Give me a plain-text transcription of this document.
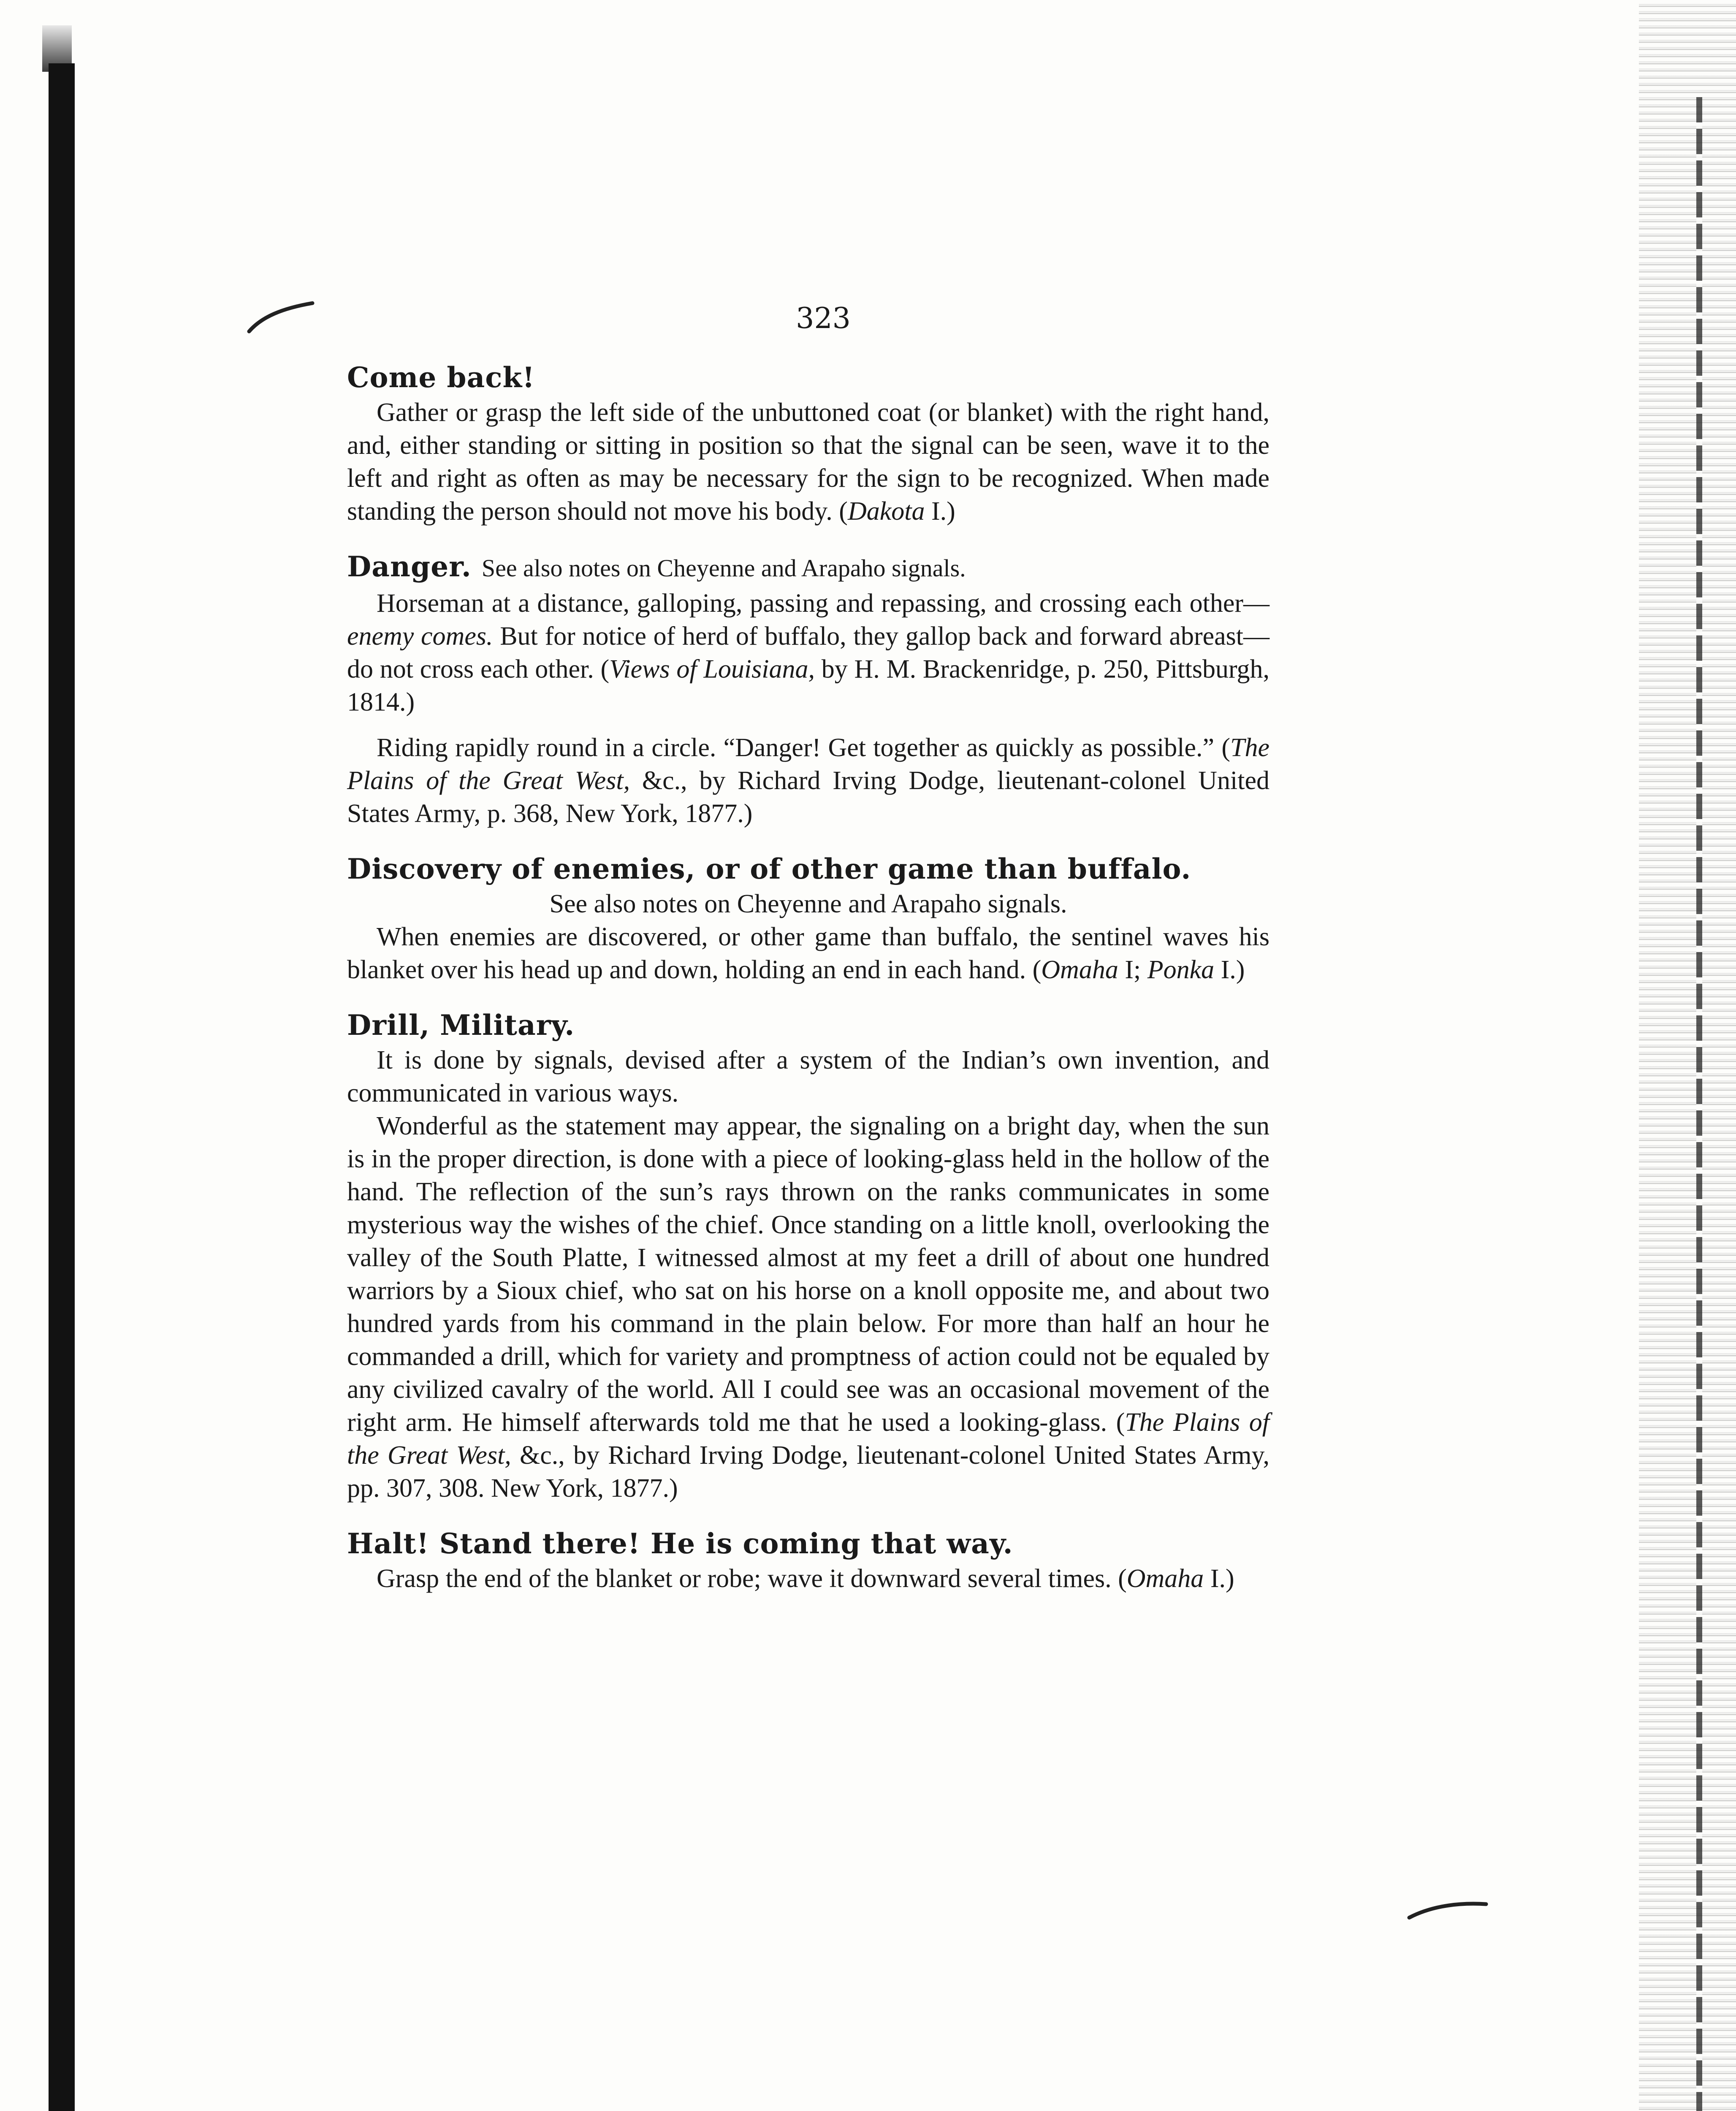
323

Come back!

Gather or grasp the left side of the unbuttoned coat (or blanket) with the right hand, and, either standing or sitting in position so that the signal can be seen, wave it to the left and right as often as may be necessary for the sign to be recognized. When made standing the person should not move his body. (Dakota I.)

Danger. See also notes on Cheyenne and Arapaho signals.

Horseman at a distance, galloping, passing and repassing, and crossing each other—enemy comes. But for notice of herd of buffalo, they gallop back and forward abreast—do not cross each other. (Views of Louisiana, by H. M. Brackenridge, p. 250, Pittsburgh, 1814.)

Riding rapidly round in a circle. “Danger! Get together as quickly as possible.” (The Plains of the Great West, &c., by Richard Irving Dodge, lieutenant-colonel United States Army, p. 368, New York, 1877.)

Discovery of enemies, or of other game than buffalo.

See also notes on Cheyenne and Arapaho signals.

When enemies are discovered, or other game than buffalo, the sentinel waves his blanket over his head up and down, holding an end in each hand. (Omaha I; Ponka I.)

Drill, Military.

It is done by signals, devised after a system of the Indian’s own invention, and communicated in various ways.

Wonderful as the statement may appear, the signaling on a bright day, when the sun is in the proper direction, is done with a piece of looking-glass held in the hollow of the hand. The reflection of the sun’s rays thrown on the ranks communicates in some mysterious way the wishes of the chief. Once standing on a little knoll, overlooking the valley of the South Platte, I witnessed almost at my feet a drill of about one hundred warriors by a Sioux chief, who sat on his horse on a knoll opposite me, and about two hundred yards from his command in the plain below. For more than half an hour he commanded a drill, which for variety and promptness of action could not be equaled by any civilized cavalry of the world. All I could see was an occasional movement of the right arm. He himself afterwards told me that he used a looking-glass. (The Plains of the Great West, &c., by Richard Irving Dodge, lieutenant-colonel United States Army, pp. 307, 308. New York, 1877.)

Halt! Stand there! He is coming that way.

Grasp the end of the blanket or robe; wave it downward several times. (Omaha I.)
